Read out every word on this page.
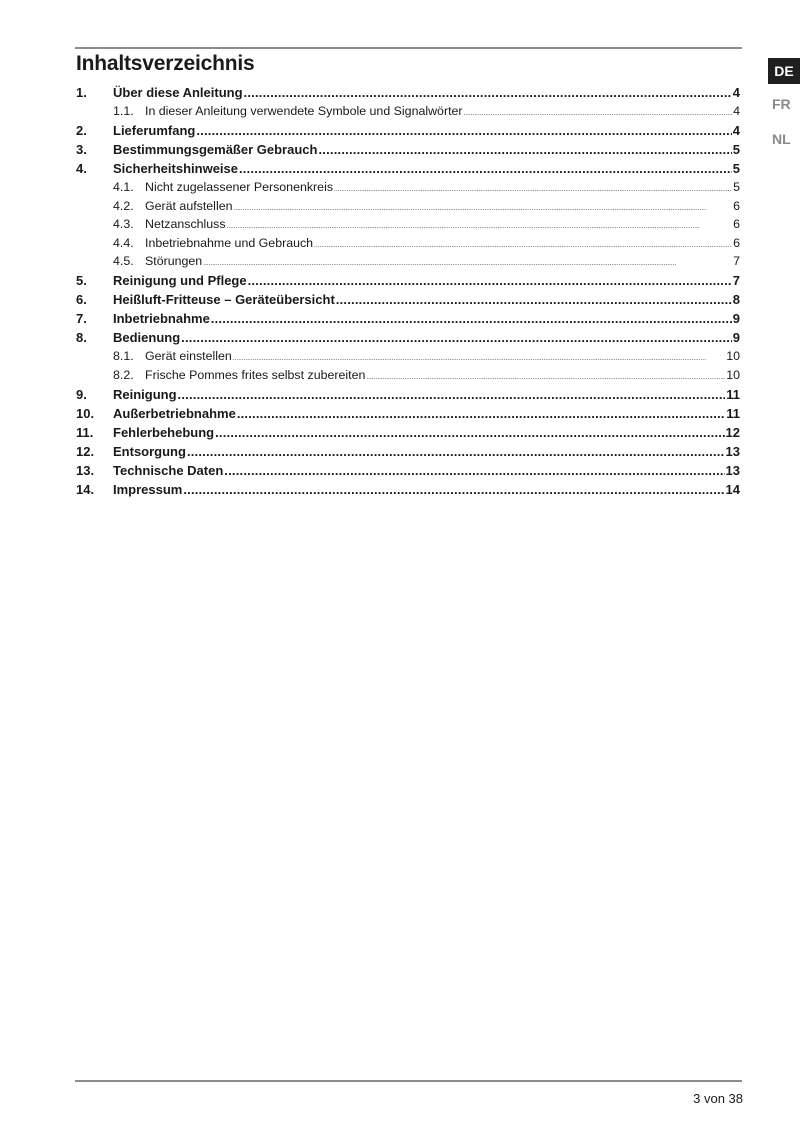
Inhaltsverzeichnis
1.	Über diese Anleitung .....	4
1.1. In dieser Anleitung verwendete Symbole und Signalwörter .....	4
2.	Lieferumfang .....	4
3.	Bestimmungsgemäßer Gebrauch .....	5
4.	Sicherheitshinweise .....	5
4.1. Nicht zugelassener Personenkreis .....	5
4.2. Gerät aufstellen .....	6
4.3. Netzanschluss .....	6
4.4. Inbetriebnahme und Gebrauch .....	6
4.5. Störungen .....	7
5.	Reinigung und Pflege .....	7
6.	Heißluft-Fritteuse – Geräteübersicht .....	8
7.	Inbetriebnahme .....	9
8.	Bedienung .....	9
8.1. Gerät einstellen .....	10
8.2. Frische Pommes frites selbst zubereiten .....	10
9.	Reinigung .....	11
10.	Außerbetriebnahme .....	11
11.	Fehlerbehebung .....	12
12.	Entsorgung .....	13
13.	Technische Daten .....	13
14.	Impressum .....	14
DE
FR
NL
3 von 38
